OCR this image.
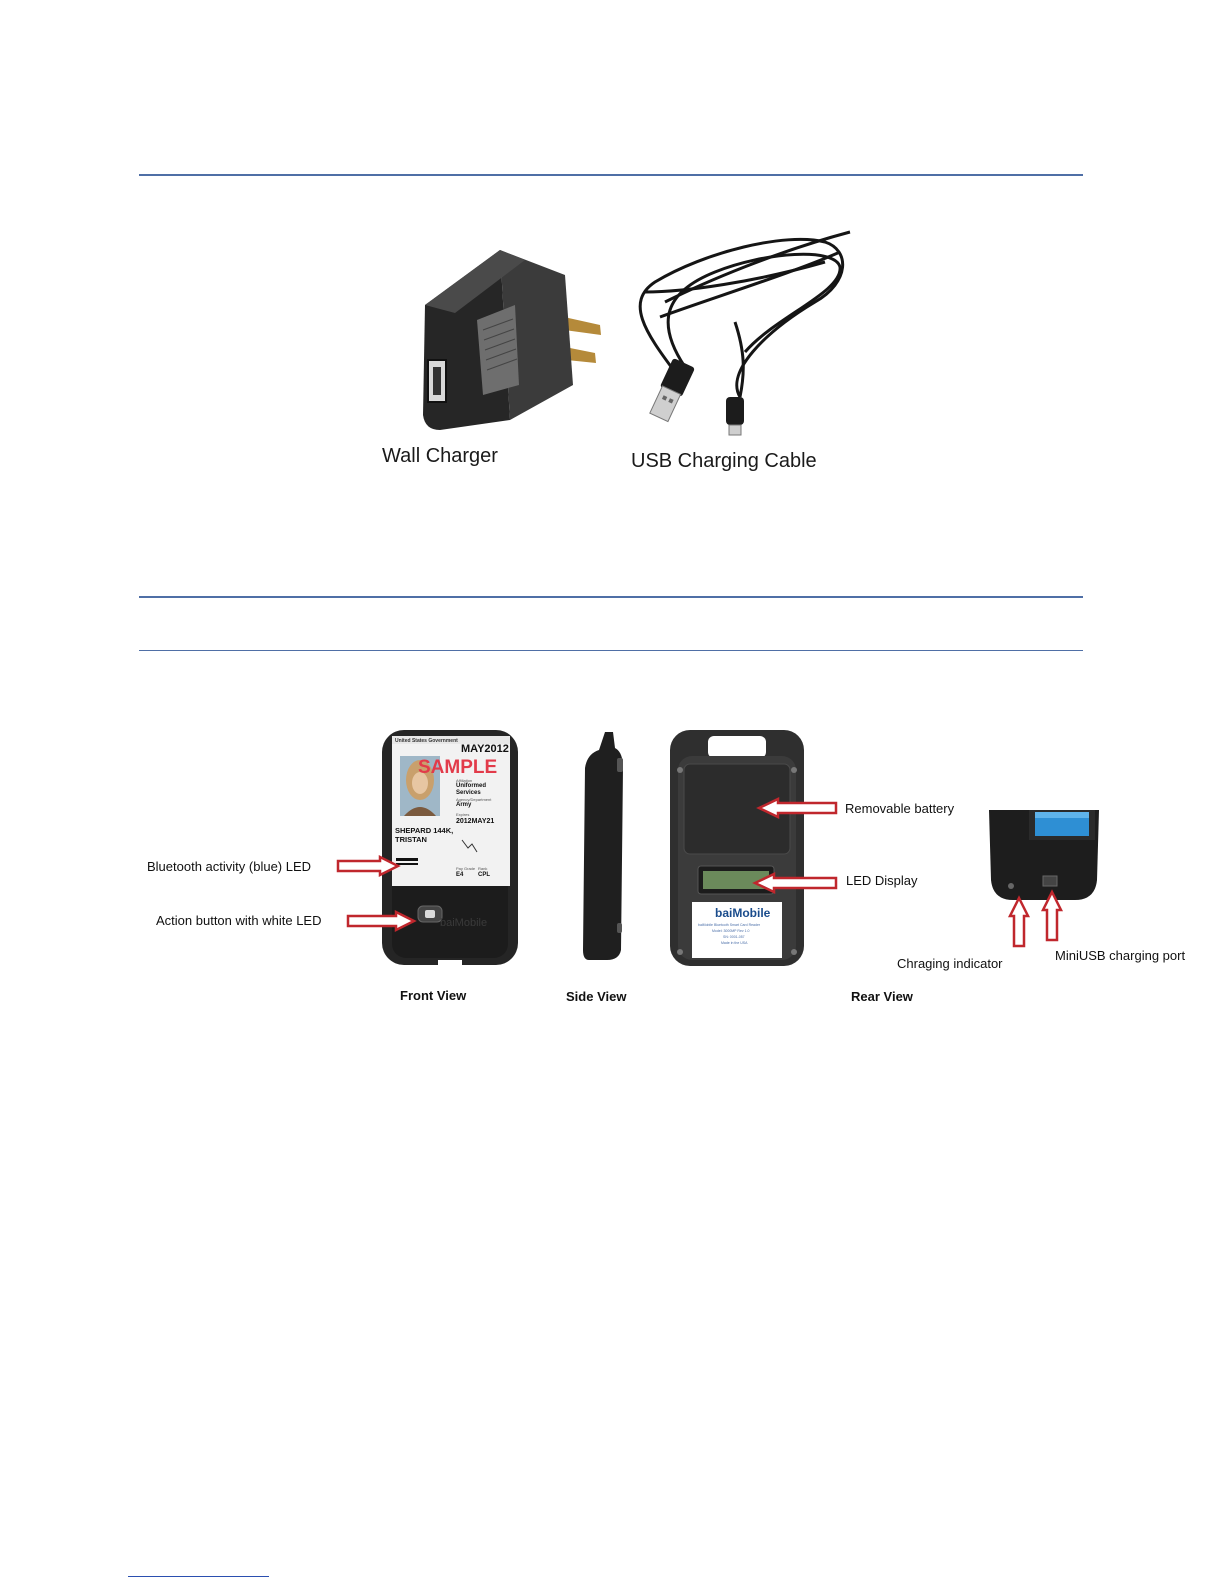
Wall Charger	USB Charging Cable
United States Government
MAY2012
SAMPLE
Affiliation
Uniformed
Services
Agency/Department
Army
Expires
2012MAY21
SHEPARD 144K,
TRISTAN
Pay Grade
E4
Rank
CPL
baiMobile
Bluetooth activity (blue) LED
Action button with white LED	baiMobile
baiMobile Bluetooth Smart Card Reader
Model: 3000MP Rev 1.0
SN: 0001-057
Made in the USA
Removable battery
LED Display
Chraging indicator
MiniUSB charging port
Front View	Side View	Rear View
